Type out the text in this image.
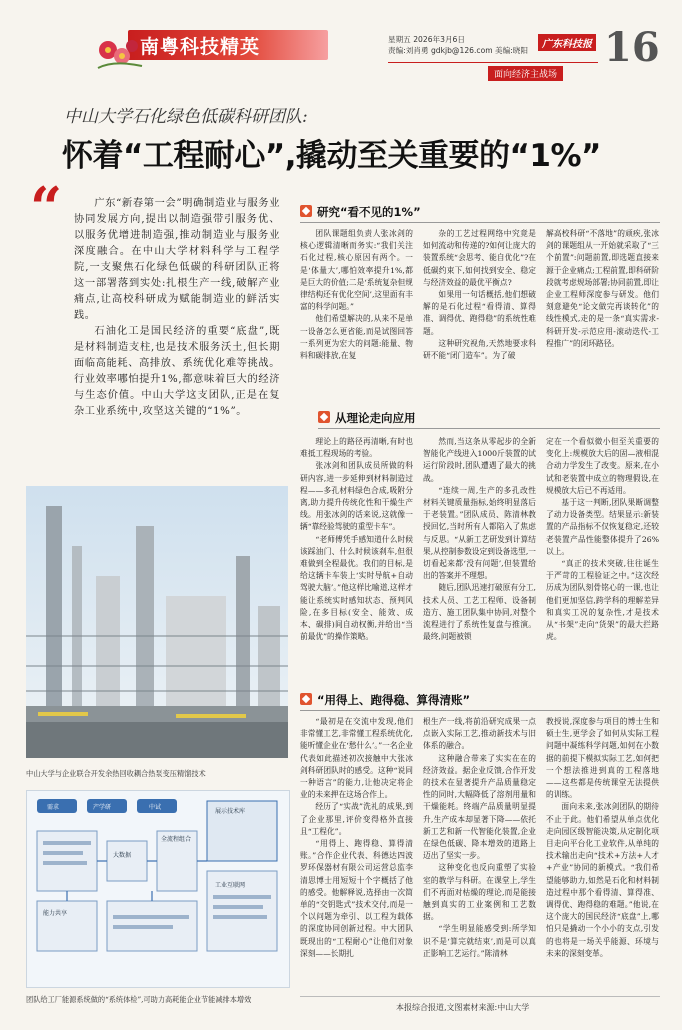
南粤科技精英	星期五 2026年3月6日
责编:刘肖勇 gdkjb@126.com 美编:晓阳
广东科技报 16
面向经济主战场
中山大学石化绿色低碳科研团队:
怀着“工程耐心”,撬动至关重要的“1%”
“	广东“新春第一会”明确制造业与服务业协同发展方向,提出以制造强带引服务优、以服务优增进制造强,推动制造业与服务业深度融合。在中山大学材料科学与工程学院,一支聚焦石化绿色低碳的科研团队正将这一部署落到实处:扎根生产一线,破解产业痛点,让高校科研成为赋能制造业的鲜活实践。

石油化工是国民经济的重要“底盘”,既是材料制造支柱,也是技术服务沃土,但长期面临高能耗、高排放、系统优化难等挑战。行业效率哪怕提升1%,都意味着巨大的经济与生态价值。中山大学这支团队,正是在复杂工业系统中,攻坚这关键的“1%”。

研究“看不见的1%”

团队课题组负责人张冰剑的核心逻辑清晰而务实:“我们关注石化过程,核心原因有两个。一是‘体量大’,哪怕效率提升1%,都是巨大的价值;二是‘系统复杂但规律结构还有优化空间’,这里面有丰富的科学问题。”

他们希望解决的,从来不是单一设备怎么更省能,而是试图回答一系列更为宏大的问题:能量、物料和碳排放,在复

杂的工艺过程网络中究竟是如何流动和传递的?如何让庞大的装置系统“会思考、能自优化”?在低碳约束下,如何找到安全、稳定与经济效益的最优平衡点?

如果用一句话概括,他们想破解的是石化过程“看得清、算得准、调得优、跑得稳”的系统性难题。

这种研究视角,天然地要求科研不能“闭门造车”。为了破

解高校科研“不落地”的顽疾,张冰剑的课题组从一开始就采取了“三个前置”:问题前置,即选题直接来源于企业痛点;工程前置,即科研阶段就考虑规场部署;协同前置,即让企业工程师深度参与研发。他们刻意避免“论文做完再谈转化”的线性模式,走的是一条“真实需求-科研开发-示范应用-滚动迭代-工程推广”的闭环路径。

从理论走向应用

理论上的路径再清晰,有时也难抵工程现场的考验。

张冰剑和团队成员所做的科研内容,进一步延伸到材料制造过程——多孔材料绿色合成,吸附分离,助力提升传统化性和干燥生产线。用张冰剑的话来说,这就像一辆“靠经验驾驶的重型卡车”。

“老师傅凭手感知道什么时候该踩油门、什么时候该刹车,但很难做到全程最优。我们的目标,是给这辆卡车装上‘实时导航+自动驾驶大脑’。”他这样比喻道,这样才能让系统实时感知状态、预判风险,在多目标(安全、能效、成本、碳排)间自动权衡,并给出“当前最优”的操作策略。

然而,当这条从零起步的全新智能化产线进入1000斤装置的试运行阶段时,团队遭遇了最大的挑战。

“连续一周,生产的多孔改性材料关键质量指标,始终明显落后于老装置。”团队成员、陈清林教授回忆,当时所有人都陷入了焦虑与反思。“从新工艺研发到计算结果,从控制参数设定到设备选型,一切看起来都‘没有问题’,但装置给出的答案并不理想。

随后,团队迅速打破原有分工,技术人员、工艺工程师、设备制造方、施工团队集中协同,对整个流程进行了系统性复盘与推演。最终,问题被锁

定在一个看似微小但至关重要的变化上:规模放大后的固—液相混合动力学发生了改变。原来,在小试和老装置中成立的物理假设,在规模放大后已不再适用。

基于这一判断,团队果断调整了动力设备类型。结果显示:新装置的产品指标不仅恢复稳定,还较老装置产品性能整体提升了26%以上。

“真正的技术突破,往往诞生于严苛的工程验证之中。”这次经历成为团队刻骨铭心的一课,也让他们更加坚信,跨学科的理解差异和真实工况的复杂性,才是技术从“书架”走向“货架”的最大拦路虎。

中山大学与企业联合开发余热回收耦合热泵变压精馏技术
需求	产学研	中试
展示技术库
全流程组合
大数据
能力共享
工业互联网
团队给工厂能源系统做的“系统体检”,可助力高耗能企业节能减排本增效
“用得上、跑得稳、算得清账”

“最初是在交流中发现,他们非常懂工艺,非常懂工程系统优化,能听懂企业在‘愁什么’。”一名企业代表如此描述初次接触中大张冰剑科研团队时的感受。这种“说同一种语言”的能力,让他决定将企业的未来押在这场合作上。

经历了“实战”洗礼的成果,到了企业那里,评价变得格外直接且“工程化”。

“用得上、跑得稳、算得清账。”合作企业代表、科德达四波罗环保器材有限公司运营总监李清思博士用短短十个字概括了他的感受。他解释说,选择由一次简单的“交钥匙式”技术交付,而是一个以问题为牵引、以工程为载体的深度协同创新过程。中大团队既现出的“工程耐心”让他们对象深刻——长期扎

根生产一线,将前沿研究成果一点点嵌入实际工艺,推动新技术与旧体系的融合。

这种融合带来了实实在在的经济效益。据企业反馈,合作开发的技术在显著提升产品质量稳定性的同时,大幅降低了溶剂用量和干燥能耗。终端产品质量明显提升,生产成本却显著下降——依托新工艺和新一代智能化装置,企业在绿色低碳、降本增效的道路上迈出了坚实一步。

这种变化也反向重塑了实验室的教学与科研。在课堂上,学生们不再面对枯燥的理论,而是能接触到真实的工业案例和工艺数据。

“学生明显能感受到:所学知识不是‘算完就结束’,而是可以真正影响工艺运行。”陈清林

教授说,深度参与项目的博士生和硕士生,更学会了如何从实际工程问题中凝练科学问题,如何在小数据的前提下模拟实际工艺,如何把一个想法推进到真的工程落地——这些都是传统课堂无法提供的训练。

面向未来,张冰剑团队的期待不止于此。他们希望从单点优化走向园区级智能决策,从定制化项目走向平台化工业软件,从单纯的技术输出走向“技术+方法+人才+产业”协同的新模式。“我们希望能够助力,如然是石化和材料制造过程中那个看得清、算得准、调得优、跑得稳的难题。”他说,在这个庞大的国民经济“底盘”上,哪怕只是撬动一个小小的支点,引发的也将是一场关乎能源、环境与未来的深刻变革。

本报综合报道,文图素材来源:中山大学
